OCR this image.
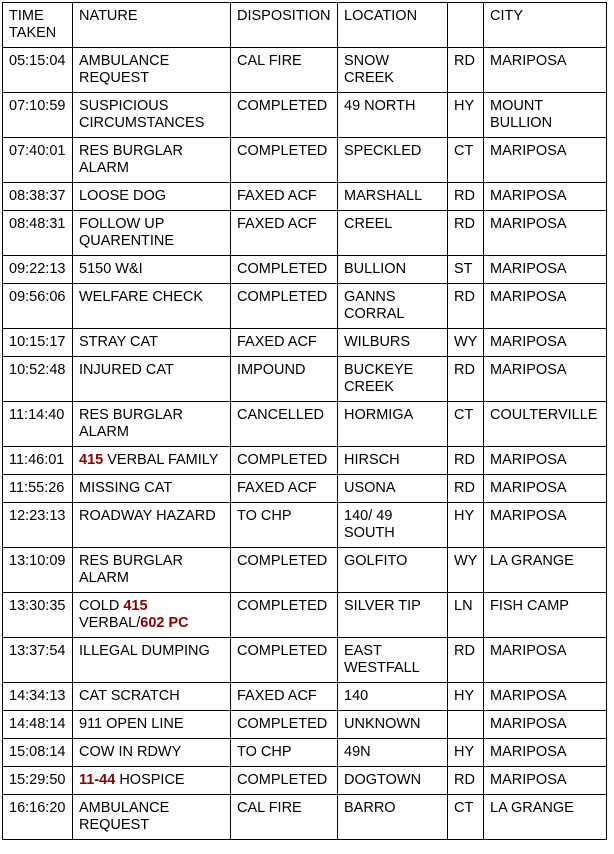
TIME TAKEN	NATURE	DISPOSITION	LOCATION		CITY
05:15:04	AMBULANCE REQUEST	CAL FIRE	SNOW CREEK	RD	MARIPOSA
07:10:59	SUSPICIOUS CIRCUMSTANCES	COMPLETED	49 NORTH	HY	MOUNT BULLION
07:40:01	RES BURGLAR ALARM	COMPLETED	SPECKLED	CT	MARIPOSA
08:38:37	LOOSE DOG	FAXED ACF	MARSHALL	RD	MARIPOSA
08:48:31	FOLLOW UP QUARENTINE	FAXED ACF	CREEL	RD	MARIPOSA
09:22:13	5150 W&I	COMPLETED	BULLION	ST	MARIPOSA
09:56:06	WELFARE CHECK	COMPLETED	GANNS CORRAL	RD	MARIPOSA
10:15:17	STRAY CAT	FAXED ACF	WILBURS	WY	MARIPOSA
10:52:48	INJURED CAT	IMPOUND	BUCKEYE CREEK	RD	MARIPOSA
11:14:40	RES BURGLAR ALARM	CANCELLED	HORMIGA	CT	COULTERVILLE
11:46:01	415 VERBAL FAMILY	COMPLETED	HIRSCH	RD	MARIPOSA
11:55:26	MISSING CAT	FAXED ACF	USONA	RD	MARIPOSA
12:23:13	ROADWAY HAZARD	TO CHP	140/ 49 SOUTH	HY	MARIPOSA
13:10:09	RES BURGLAR ALARM	COMPLETED	GOLFITO	WY	LA GRANGE
13:30:35	COLD 415 VERBAL/602 PC	COMPLETED	SILVER TIP	LN	FISH CAMP
13:37:54	ILLEGAL DUMPING	COMPLETED	EAST WESTFALL	RD	MARIPOSA
14:34:13	CAT SCRATCH	FAXED ACF	140	HY	MARIPOSA
14:48:14	911 OPEN LINE	COMPLETED	UNKNOWN		MARIPOSA
15:08:14	COW IN RDWY	TO CHP	49N	HY	MARIPOSA
15:29:50	11-44 HOSPICE	COMPLETED	DOGTOWN	RD	MARIPOSA
16:16:20	AMBULANCE REQUEST	CAL FIRE	BARRO	CT	LA GRANGE
